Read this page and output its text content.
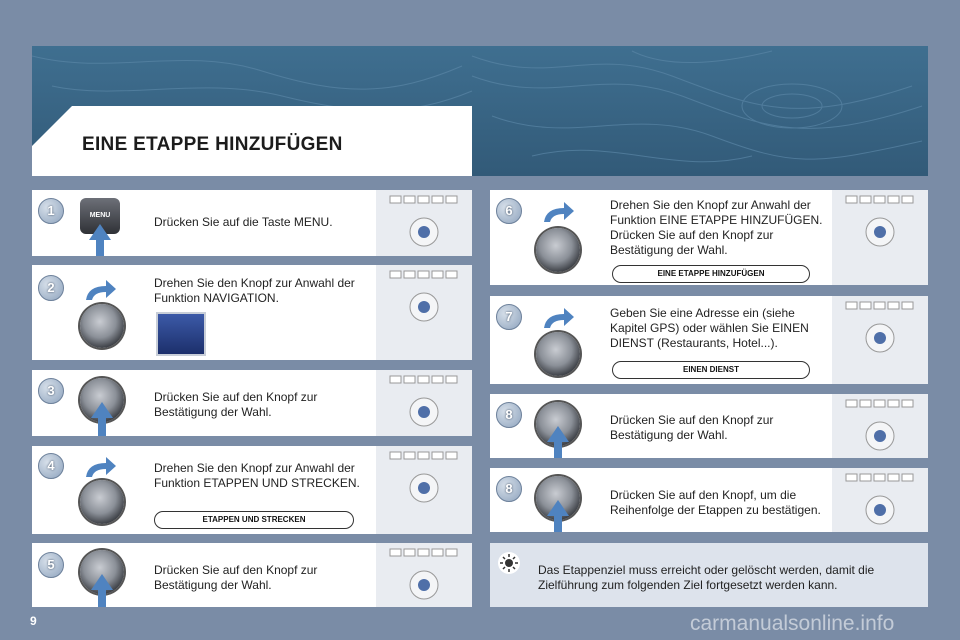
EINE ETAPPE HINZUFÜGEN
1	MENU	Drücken Sie auf die Taste MENU.
2	Drehen Sie den Knopf zur Anwahl der Funktion NAVIGATION.
3	Drücken Sie auf den Knopf zur Bestätigung der Wahl.
4	Drehen Sie den Knopf zur Anwahl der Funktion ETAPPEN UND STRECKEN.
ETAPPEN UND STRECKEN
5	Drücken Sie auf den Knopf zur Bestätigung der Wahl.
6	Drehen Sie den Knopf zur Anwahl der Funktion EINE ETAPPE HINZUFÜGEN. Drücken Sie auf den Knopf zur Bestätigung der Wahl.
EINE ETAPPE HINZUFÜGEN
7	Geben Sie eine Adresse ein (siehe Kapitel GPS) oder wählen Sie EINEN DIENST (Restaurants, Hotel...).
EINEN DIENST
8	Drücken Sie auf den Knopf zur Bestätigung der Wahl.
8	Drücken Sie auf den Knopf, um die Reihenfolge der Etappen zu bestätigen.
Das Etappenziel muss erreicht oder gelöscht werden, damit die Zielführung zum folgenden Ziel fortgesetzt werden kann.
9	carmanualsonline.info
